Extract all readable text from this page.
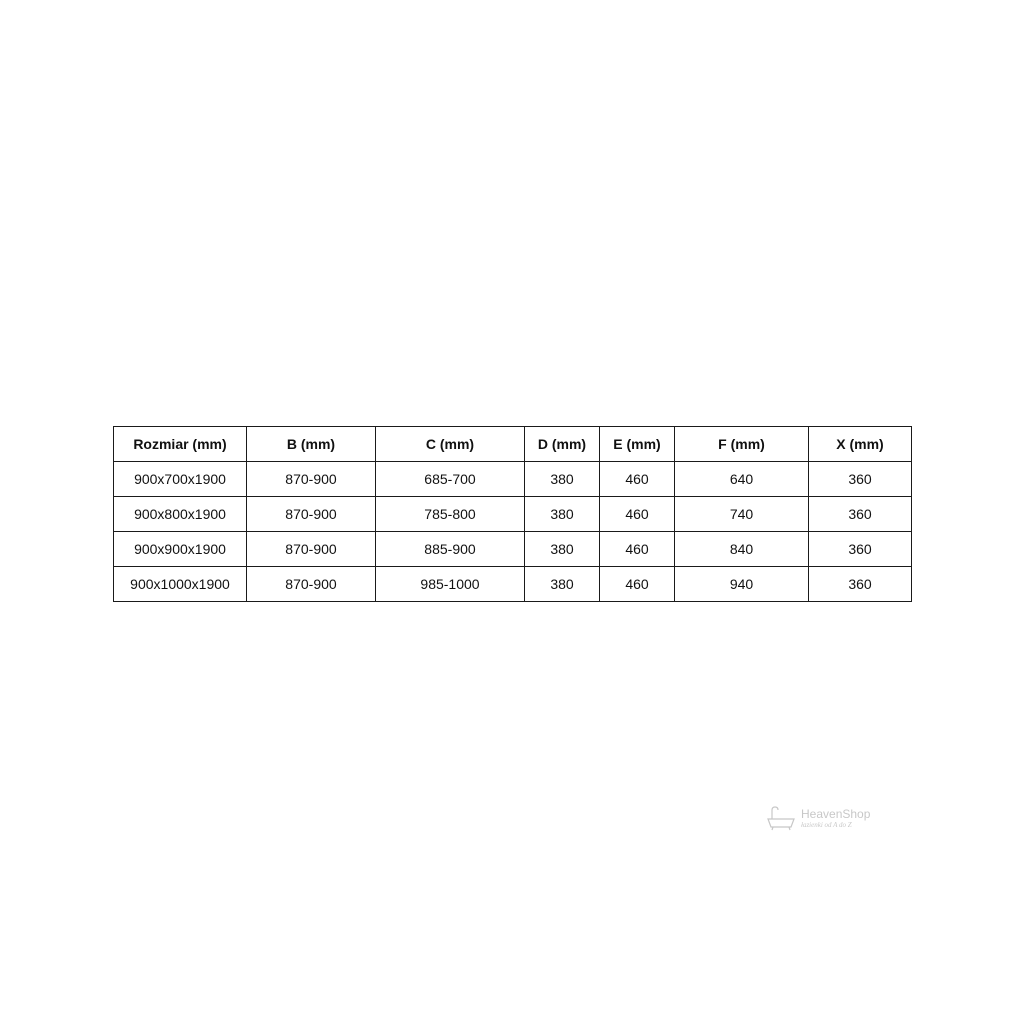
Rozmiar (mm)	B (mm)	C (mm)	D (mm)	E (mm)	F (mm)	X (mm)
900x700x1900	870-900	685-700	380	460	640	360
900x800x1900	870-900	785-800	380	460	740	360
900x900x1900	870-900	885-900	380	460	840	360
900x1000x1900	870-900	985-1000	380	460	940	360
HeavenShop
łazienki od A do Z
